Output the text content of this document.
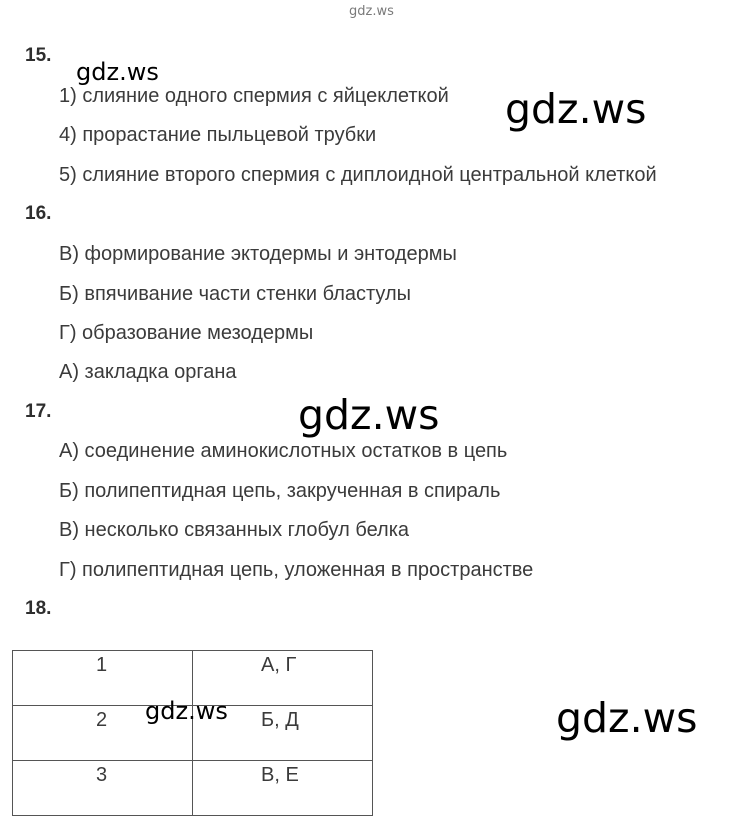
gdz.ws
15.
1) слияние одного спермия с яйцеклеткой
4) прорастание пыльцевой трубки
5) слияние второго спермия с диплоидной центральной клеткой
16.
В) формирование эктодермы и энтодермы
Б) впячивание части стенки бластулы
Г) образование мезодермы
А) закладка органа
17.
А) соединение аминокислотных остатков в цепь
Б) полипептидная цепь, закрученная в спираль
В) несколько связанных глобул белка
Г) полипептидная цепь, уложенная в пространстве
18.
1	А, Г
2	Б, Д
3	В, Е
gdz.ws
gdz.ws
gdz.ws
gdz.ws	gdz.ws
